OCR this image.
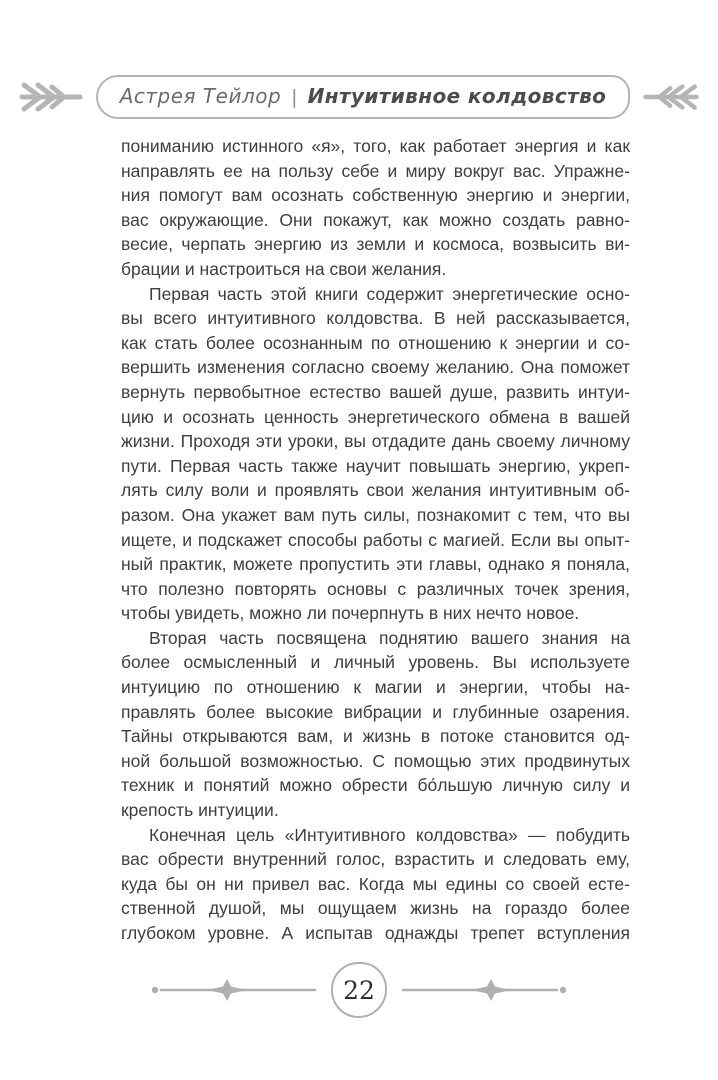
Астрея Тейлор | Интуитивное колдовство
пониманию истинного «я», того, как работает энергия и как
направлять ее на пользу себе и миру вокруг вас. Упражне-
ния помогут вам осознать собственную энергию и энергии,
вас окружающие. Они покажут, как можно создать равно-
весие, черпать энергию из земли и космоса, возвысить ви-
брации и настроиться на свои желания.
Первая часть этой книги содержит энергетические осно-
вы всего интуитивного колдовства. В ней рассказывается,
как стать более осознанным по отношению к энергии и со-
вершить изменения согласно своему желанию. Она поможет
вернуть первобытное естество вашей душе, развить интуи-
цию и осознать ценность энергетического обмена в вашей
жизни. Проходя эти уроки, вы отдадите дань своему личному
пути. Первая часть также научит повышать энергию, укреп-
лять силу воли и проявлять свои желания интуитивным об-
разом. Она укажет вам путь силы, познакомит с тем, что вы
ищете, и подскажет способы работы с магией. Если вы опыт-
ный практик, можете пропустить эти главы, однако я поняла,
что полезно повторять основы с различных точек зрения,
чтобы увидеть, можно ли почерпнуть в них нечто новое.
Вторая часть посвящена поднятию вашего знания на
более осмысленный и личный уровень. Вы используете
интуицию по отношению к магии и энергии, чтобы на-
правлять более высокие вибрации и глубинные озарения.
Тайны открываются вам, и жизнь в потоке становится од-
ной большой возможностью. С помощью этих продвинутых
техник и понятий можно обрести бо́льшую личную силу и
крепость интуиции.
Конечная цель «Интуитивного колдовства» — побудить
вас обрести внутренний голос, взрастить и следовать ему,
куда бы он ни привел вас. Когда мы едины со своей есте-
ственной душой, мы ощущаем жизнь на гораздо более
глубоком уровне. А испытав однажды трепет вступления
22
